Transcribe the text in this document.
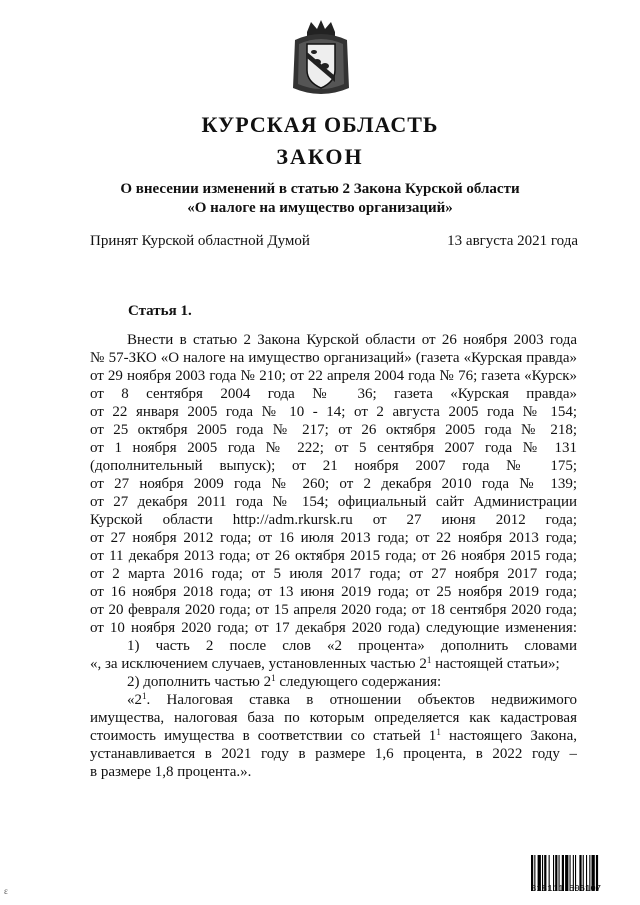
КУРСКАЯ ОБЛАСТЬ
ЗАКОН
О внесении изменений в статью 2 Закона Курской области
«О налоге на имущество организаций»
Принят Курской областной Думой	13 августа 2021 года
Статья 1.
Внести в статью 2 Закона Курской области от 26 ноября 2003 года
№ 57-ЗКО «О налоге на имущество организаций» (газета «Курская правда»
от 29 ноября 2003 года № 210; от 22 апреля 2004 года № 76; газета «Курск»
от 8 сентября 2004 года № 36; газета «Курская правда»
от 22 января 2005 года № 10 - 14; от 2 августа 2005 года № 154;
от 25 октября 2005 года № 217; от 26 октября 2005 года № 218;
от 1 ноября 2005 года № 222; от 5 сентября 2007 года № 131
(дополнительный выпуск); от 21 ноября 2007 года № 175;
от 27 ноября 2009 года № 260; от 2 декабря 2010 года № 139;
от 27 декабря 2011 года № 154; официальный сайт Администрации
Курской области http://adm.rkursk.ru от 27 июня 2012 года;
от 27 ноября 2012 года; от 16 июля 2013 года; от 22 ноября 2013 года;
от 11 декабря 2013 года; от 26 октября 2015 года; от 26 ноября 2015 года;
от 2 марта 2016 года; от 5 июля 2017 года; от 27 ноября 2017 года;
от 16 ноября 2018 года; от 13 июня 2019 года; от 25 ноября 2019 года;
от 20 февраля 2020 года; от 15 апреля 2020 года; от 18 сентября 2020 года;
от 10 ноября 2020 года; от 17 декабря 2020 года) следующие изменения:
1) часть 2 после слов «2 процента» дополнить словами
«, за исключением случаев, установленных частью $2^1$ настоящей статьи»;
2) дополнить частью $2^1$ следующего содержания:
«$2^1$. Налоговая ставка в отношении объектов недвижимого
имущества, налоговая база по которым определяется как кадастровая
стоимость имущества в соответствии со статьей $1^1$ настоящего Закона,
устанавливается в 2021 году в размере 1,6 процента, в 2022 году –
в размере 1,8 процента.».
318111 506107
ε
